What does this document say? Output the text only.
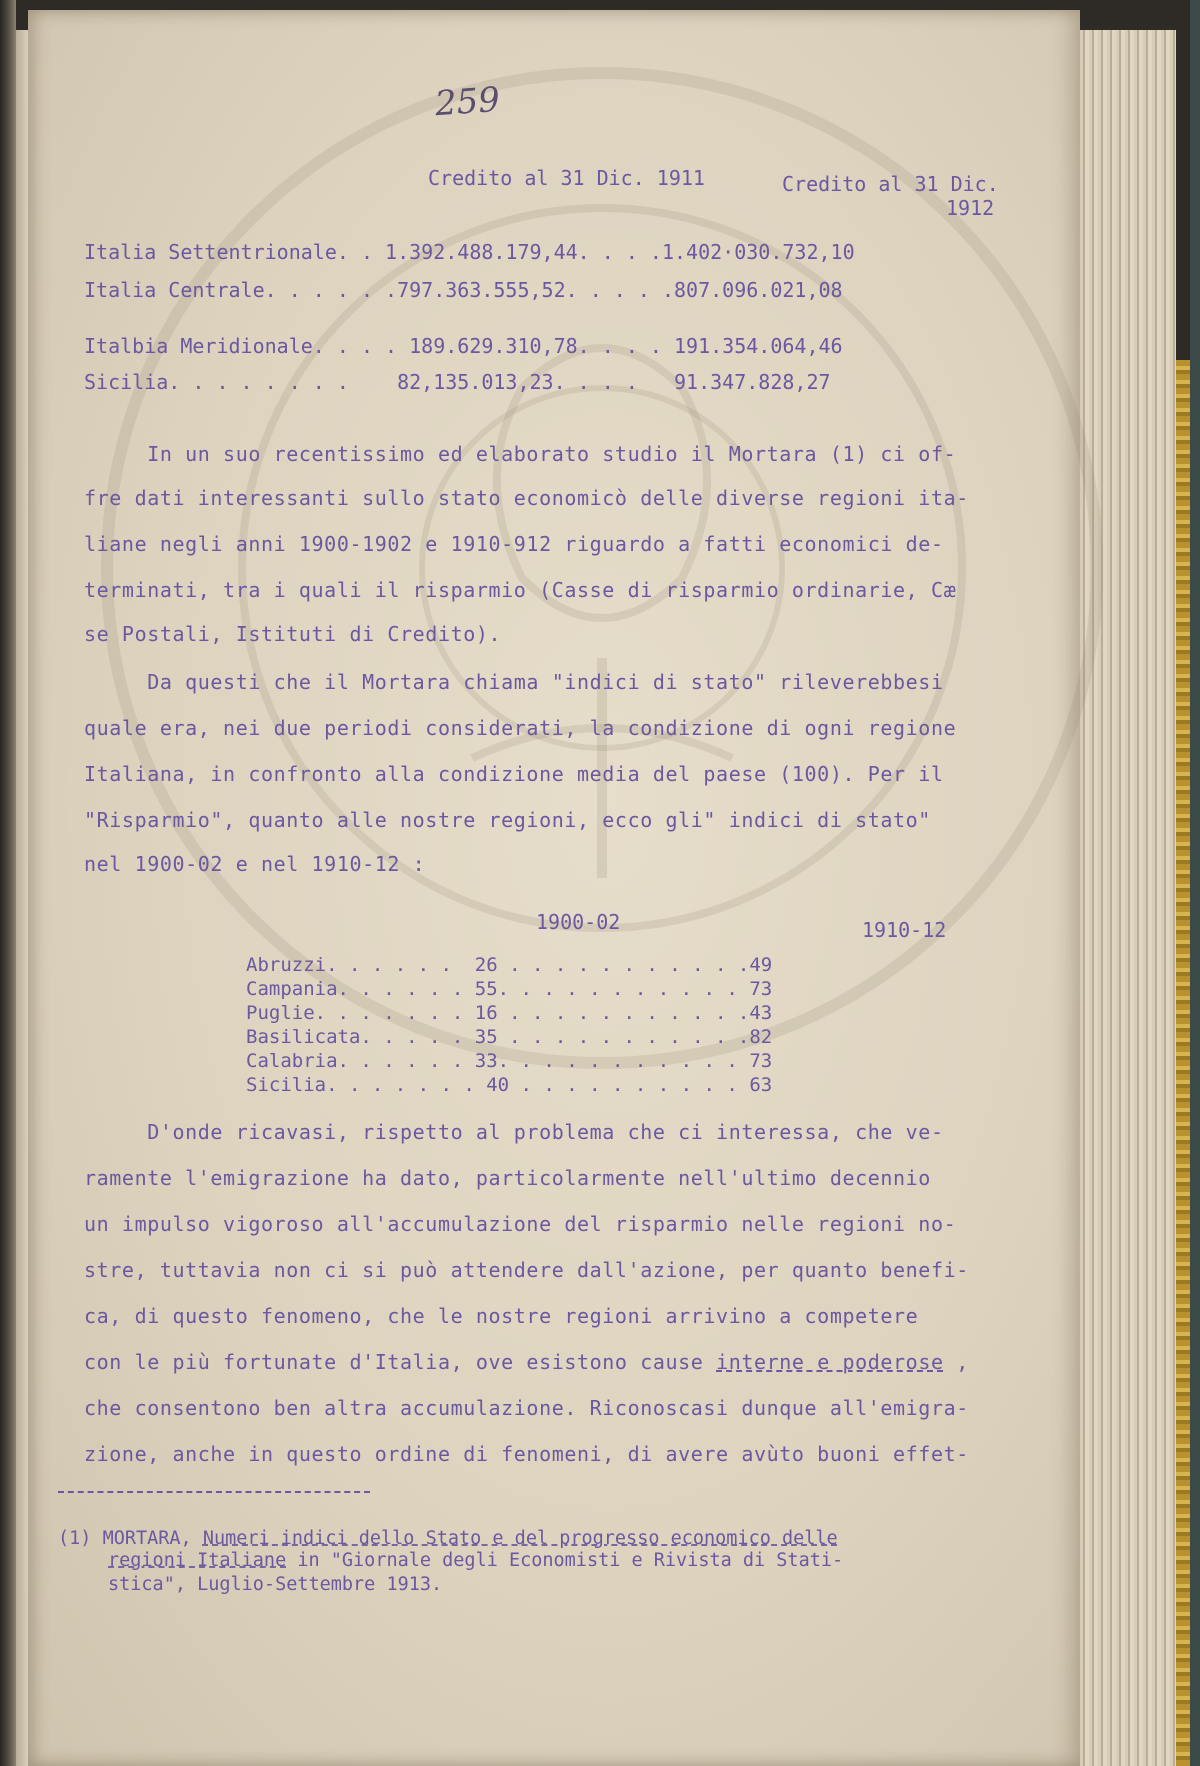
259
Credito al 31 Dic. 1911	Credito al 31 Dic.
1912
Italia Settentrionale. . 1.392.488.179,44. . . .1.402·030.732,10
Italia Centrale. . . . . .797.363.555,52. . . . .807.096.021,08
Italbia Meridionale. . . . 189.629.310,78. . . . 191.354.064,46
Sicilia. . . . . . . .    82,135.013,23. . . .   91.347.828,27
In un suo recentissimo ed elaborato studio il Mortara (1) ci of-
fre dati interessanti sullo stato economicò delle diverse regioni ita-
liane negli anni 1900-1902 e 1910-912 riguardo a fatti economici de-
terminati, tra i quali il risparmio (Casse di risparmio ordinarie, Cæ
se Postali, Istituti di Credito).
Da questi che il Mortara chiama "indici di stato" rileverebbesi
quale era, nei due periodi considerati, la condizione di ogni regione
Italiana, in confronto alla condizione media del paese (100). Per il
"Risparmio", quanto alle nostre regioni, ecco gli" indici di stato"
nel 1900-02 e nel 1910-12 :
1900-02	1910-12
Abruzzi. . . . . .  26 . . . . . . . . . . .49
Campania. . . . . . 55. . . . . . . . . . . 73
Puglie. . . . . . . 16 . . . . . . . . . . .43
Basilicata. . . . . 35 . . . . . . . . . . .82
Calabria. . . . . . 33. . . . . . . . . . . 73
Sicilia. . . . . . . 40 . . . . . . . . . . 63
D'onde ricavasi, rispetto al problema che ci interessa, che ve-
ramente l'emigrazione ha dato, particolarmente nell'ultimo decennio
un impulso vigoroso all'accumulazione del risparmio nelle regioni no-
stre, tuttavia non ci si può attendere dall'azione, per quanto benefi-
ca, di questo fenomeno, che le nostre regioni arrivino a competere
con le più fortunate d'Italia, ove esistono cause interne e poderose ,
che consentono ben altra accumulazione. Riconoscasi dunque all'emigra-
zione, anche in questo ordine di fenomeni, di avere avùto buoni effet-
(1) MORTARA, Numeri indici dello Stato e del progresso economico delle
regioni Italiane in "Giornale degli Economisti e Rivista di Stati-
stica", Luglio-Settembre 1913.
